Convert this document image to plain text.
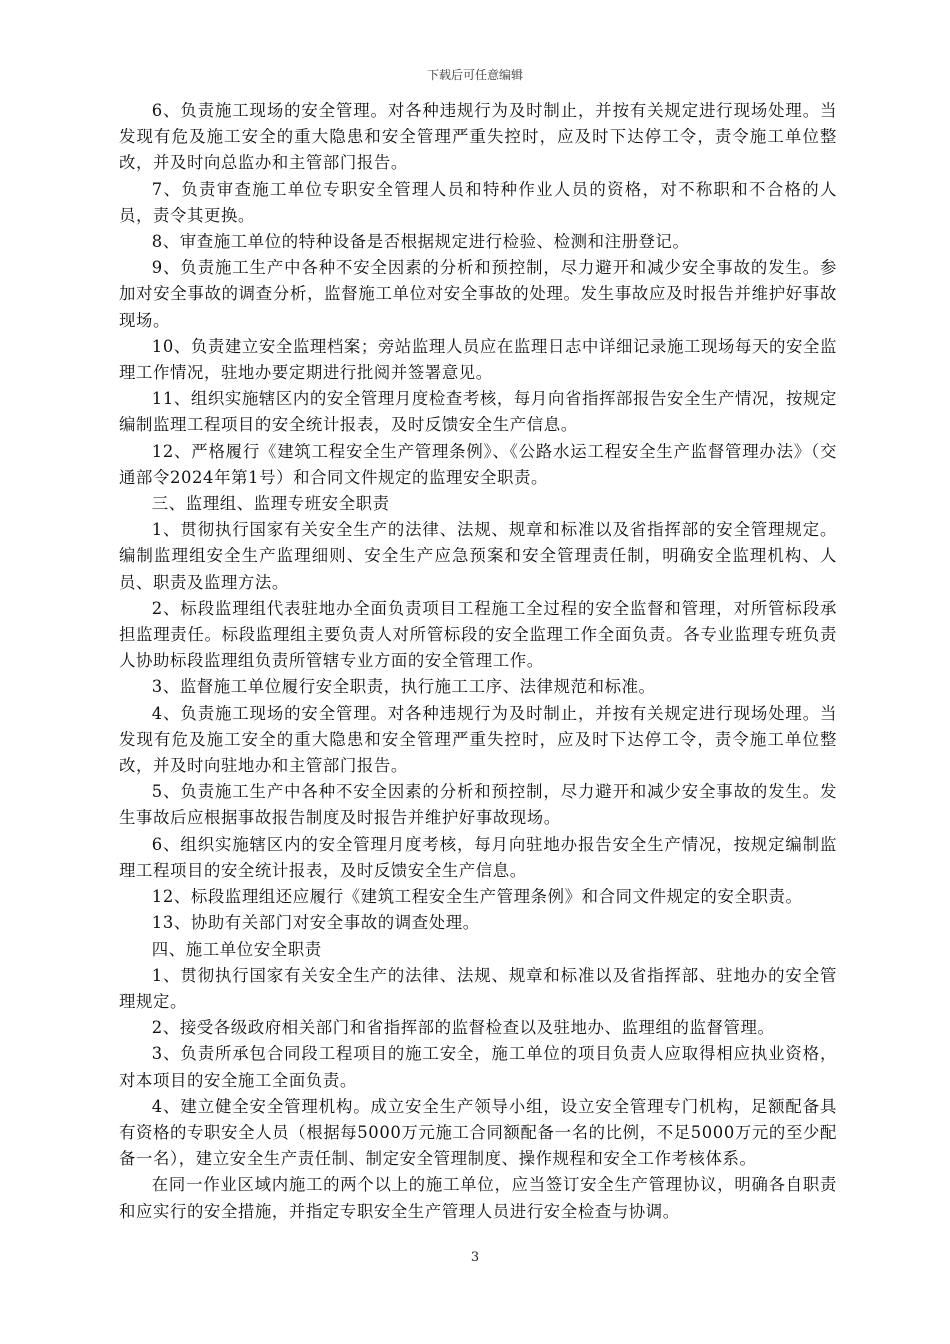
下载后可任意编辑

6、负责施工现场的安全管理。对各种违规行为及时制止，并按有关规定进行现场处理。当发现有危及施工安全的重大隐患和安全管理严重失控时，应及时下达停工令，责令施工单位整改，并及时向总监办和主管部门报告。

7、负责审查施工单位专职安全管理人员和特种作业人员的资格，对不称职和不合格的人员，责令其更换。

8、审查施工单位的特种设备是否根据规定进行检验、检测和注册登记。

9、负责施工生产中各种不安全因素的分析和预控制，尽力避开和减少安全事故的发生。参加对安全事故的调查分析，监督施工单位对安全事故的处理。发生事故应及时报告并维护好事故现场。

10、负责建立安全监理档案；旁站监理人员应在监理日志中详细记录施工现场每天的安全监理工作情况，驻地办要定期进行批阅并签署意见。

11、组织实施辖区内的安全管理月度检查考核，每月向省指挥部报告安全生产情况，按规定编制监理工程项目的安全统计报表，及时反馈安全生产信息。

12、严格履行《建筑工程安全生产管理条例》、《公路水运工程安全生产监督管理办法》（交通部令2024年第1号）和合同文件规定的监理安全职责。

三、监理组、监理专班安全职责

1、贯彻执行国家有关安全生产的法律、法规、规章和标准以及省指挥部的安全管理规定。编制监理组安全生产监理细则、安全生产应急预案和安全管理责任制，明确安全监理机构、人员、职责及监理方法。

2、标段监理组代表驻地办全面负责项目工程施工全过程的安全监督和管理，对所管标段承担监理责任。标段监理组主要负责人对所管标段的安全监理工作全面负责。各专业监理专班负责人协助标段监理组负责所管辖专业方面的安全管理工作。

3、监督施工单位履行安全职责，执行施工工序、法律规范和标准。

4、负责施工现场的安全管理。对各种违规行为及时制止，并按有关规定进行现场处理。当发现有危及施工安全的重大隐患和安全管理严重失控时，应及时下达停工令，责令施工单位整改，并及时向驻地办和主管部门报告。

5、负责施工生产中各种不安全因素的分析和预控制，尽力避开和减少安全事故的发生。发生事故后应根据事故报告制度及时报告并维护好事故现场。

6、组织实施辖区内的安全管理月度考核，每月向驻地办报告安全生产情况，按规定编制监理工程项目的安全统计报表，及时反馈安全生产信息。

12、标段监理组还应履行《建筑工程安全生产管理条例》和合同文件规定的安全职责。

13、协助有关部门对安全事故的调查处理。

四、施工单位安全职责

1、贯彻执行国家有关安全生产的法律、法规、规章和标准以及省指挥部、驻地办的安全管理规定。

2、接受各级政府相关部门和省指挥部的监督检查以及驻地办、监理组的监督管理。

3、负责所承包合同段工程项目的施工安全，施工单位的项目负责人应取得相应执业资格，对本项目的安全施工全面负责。

4、建立健全安全管理机构。成立安全生产领导小组，设立安全管理专门机构，足额配备具有资格的专职安全人员（根据每5000万元施工合同额配备一名的比例，不足5000万元的至少配备一名），建立安全生产责任制、制定安全管理制度、操作规程和安全工作考核体系。

在同一作业区域内施工的两个以上的施工单位，应当签订安全生产管理协议，明确各自职责和应实行的安全措施，并指定专职安全生产管理人员进行安全检查与协调。

3
